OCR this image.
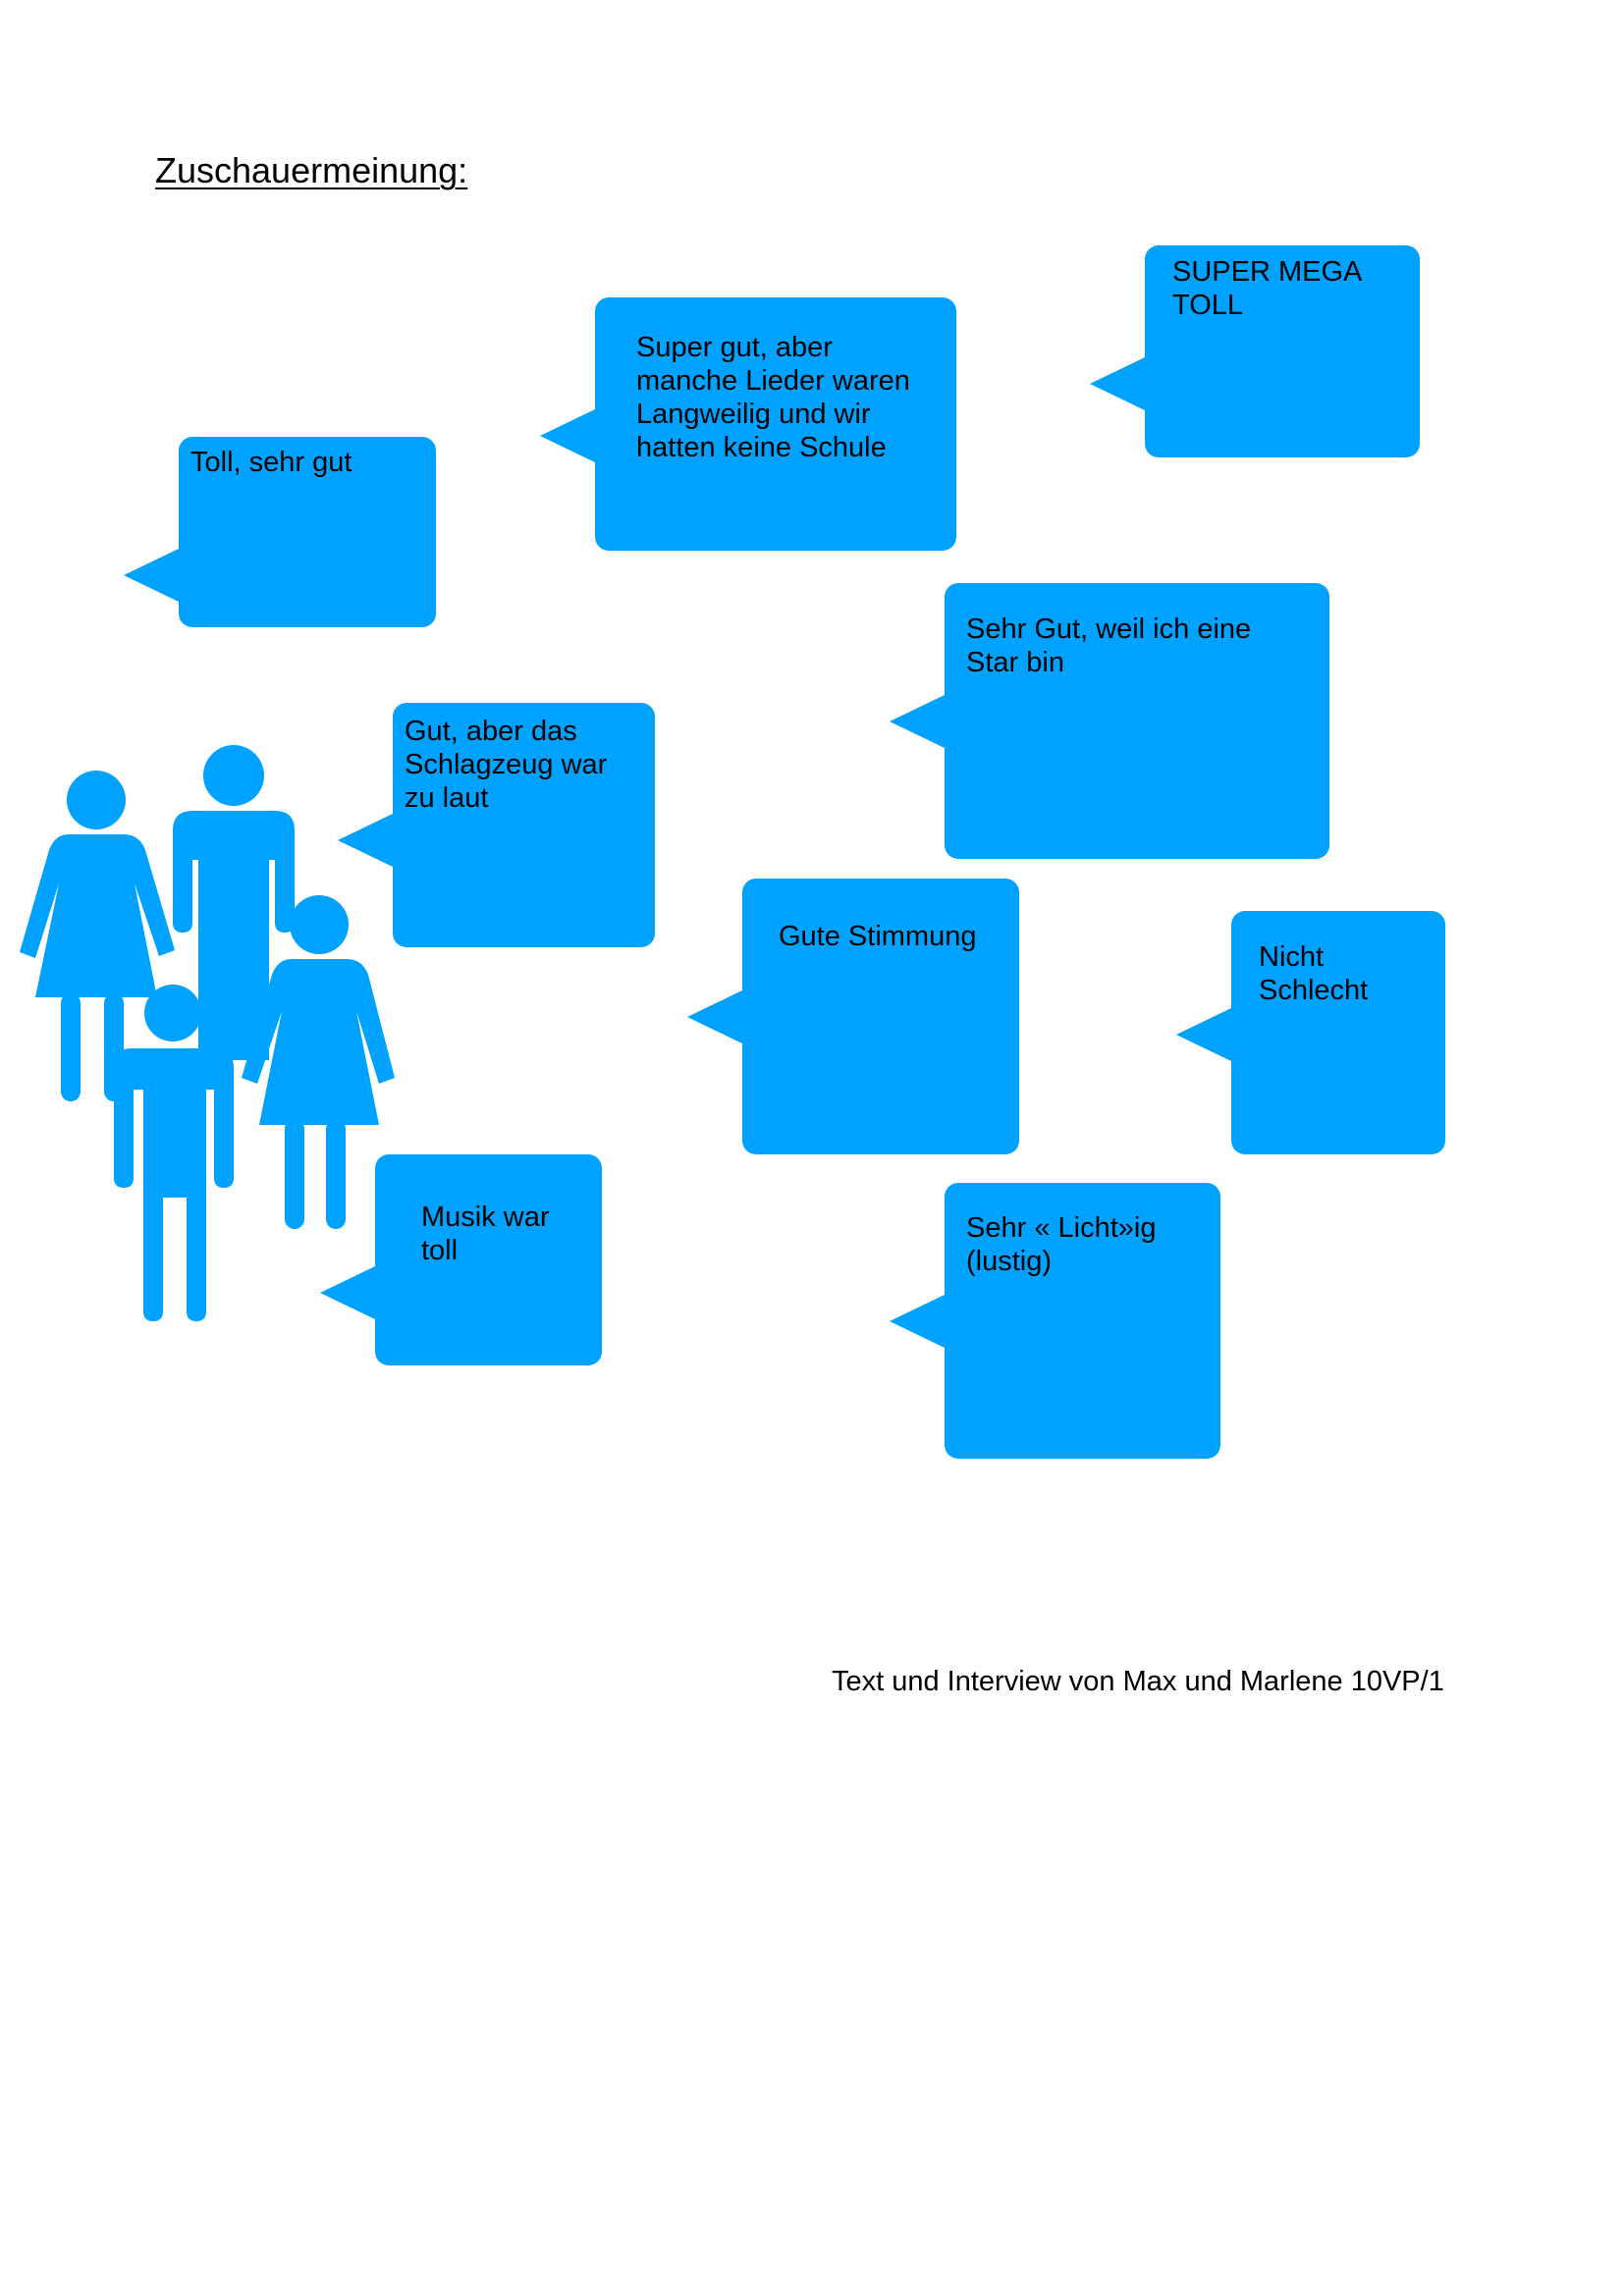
Zuschauermeinung:
Toll, sehr gut
Super gut, aber
manche Lieder waren
Langweilig und wir
hatten keine Schule
SUPER MEGA
TOLL
Sehr Gut, weil ich eine
Star bin
Gut, aber das
Schlagzeug war
zu laut
Gute Stimmung
Nicht
Schlecht
Musik war
toll
Sehr « Licht»ig
(lustig)
Text und Interview von Max und Marlene 10VP/1
